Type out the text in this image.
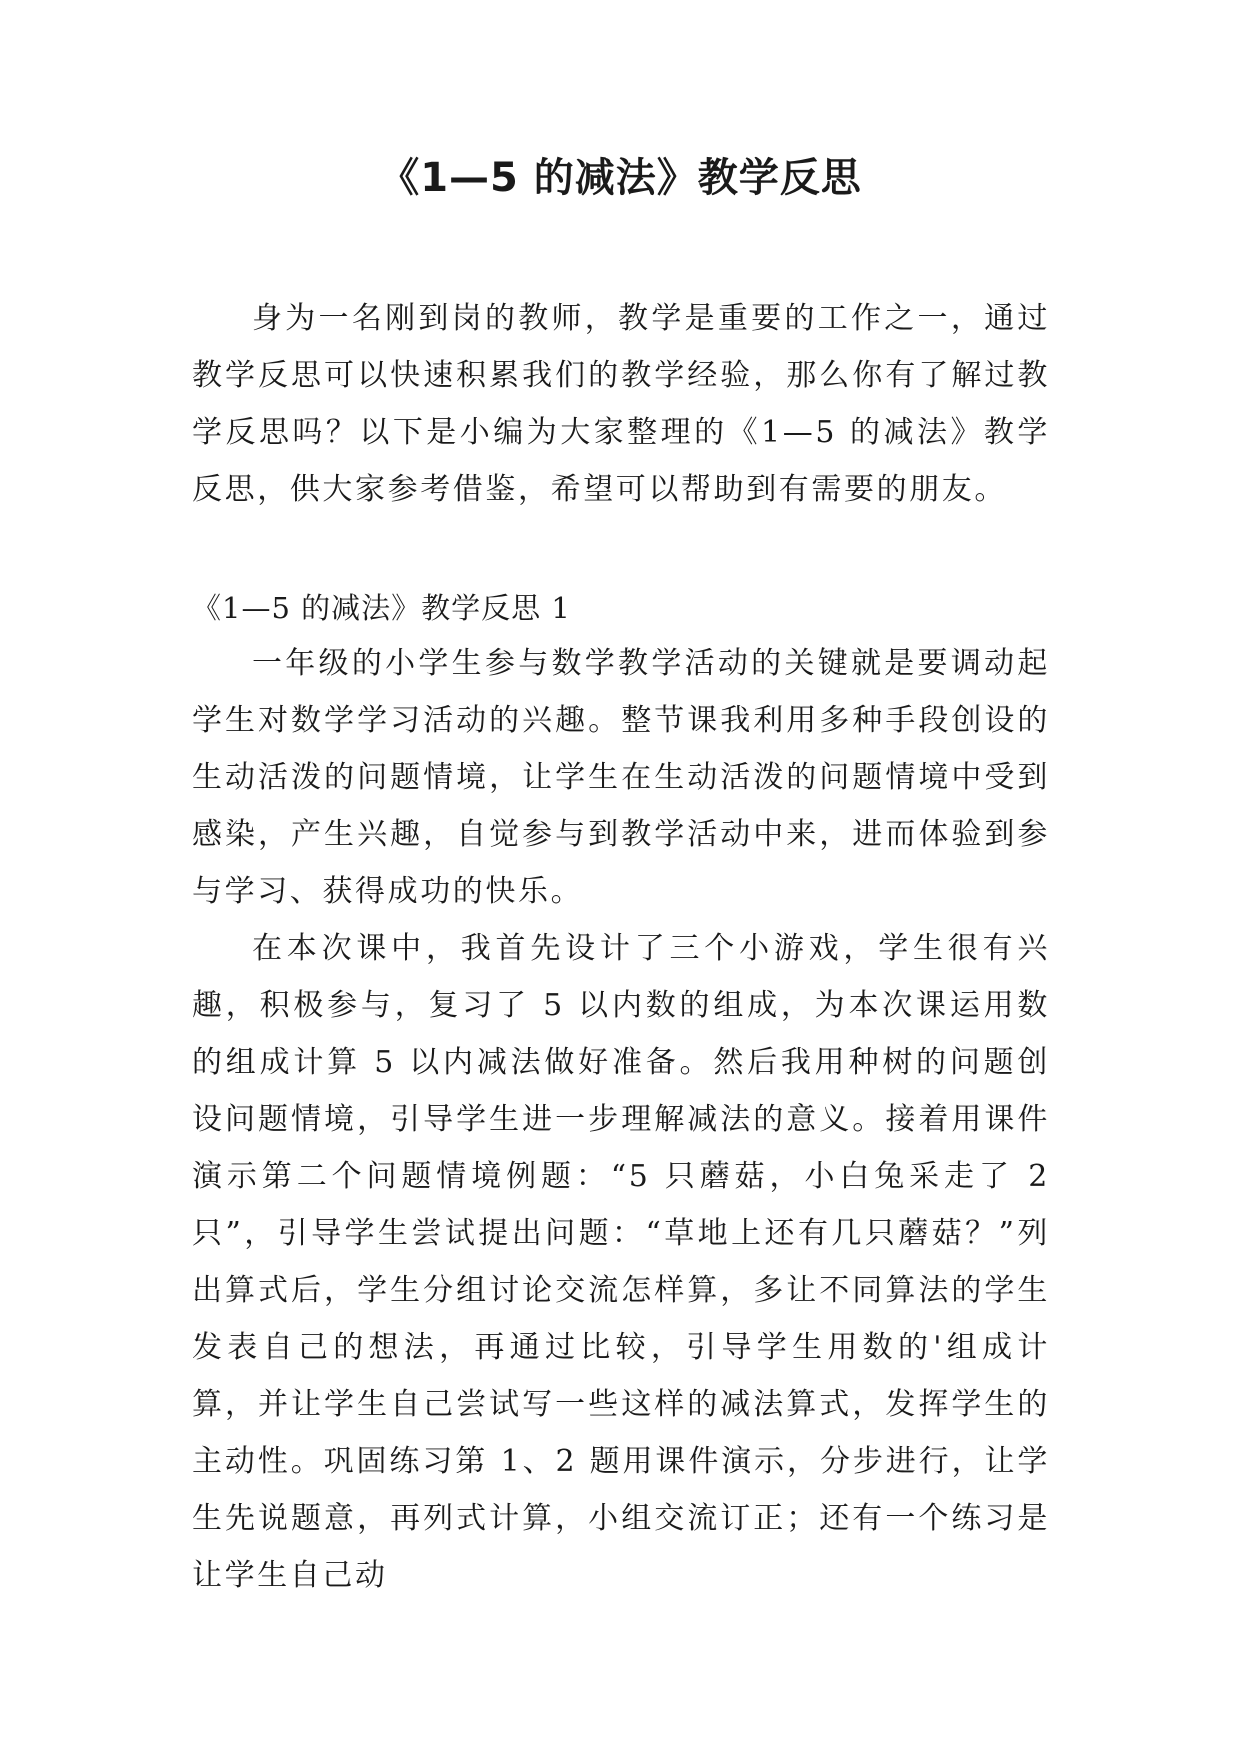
《1—5 的减法》教学反思

身为一名刚到岗的教师，教学是重要的工作之一，通过教学反思可以快速积累我们的教学经验，那么你有了解过教学反思吗？以下是小编为大家整理的《1—5 的减法》教学反思，供大家参考借鉴，希望可以帮助到有需要的朋友。

《1—5 的减法》教学反思 1

一年级的小学生参与数学教学活动的关键就是要调动起学生对数学学习活动的兴趣。整节课我利用多种手段创设的生动活泼的问题情境，让学生在生动活泼的问题情境中受到感染，产生兴趣，自觉参与到教学活动中来，进而体验到参与学习、获得成功的快乐。

在本次课中，我首先设计了三个小游戏，学生很有兴趣，积极参与，复习了 5 以内数的组成，为本次课运用数的组成计算 5 以内减法做好准备。然后我用种树的问题创设问题情境，引导学生进一步理解减法的意义。接着用课件演示第二个问题情境例题：“5 只蘑菇，小白兔采走了 2 只”，引导学生尝试提出问题：“草地上还有几只蘑菇？”列出算式后，学生分组讨论交流怎样算，多让不同算法的学生发表自己的想法，再通过比较，引导学生用数的'组成计算，并让学生自己尝试写一些这样的减法算式，发挥学生的主动性。巩固练习第 1、2 题用课件演示，分步进行，让学生先说题意，再列式计算，小组交流订正；还有一个练习是让学生自己动
